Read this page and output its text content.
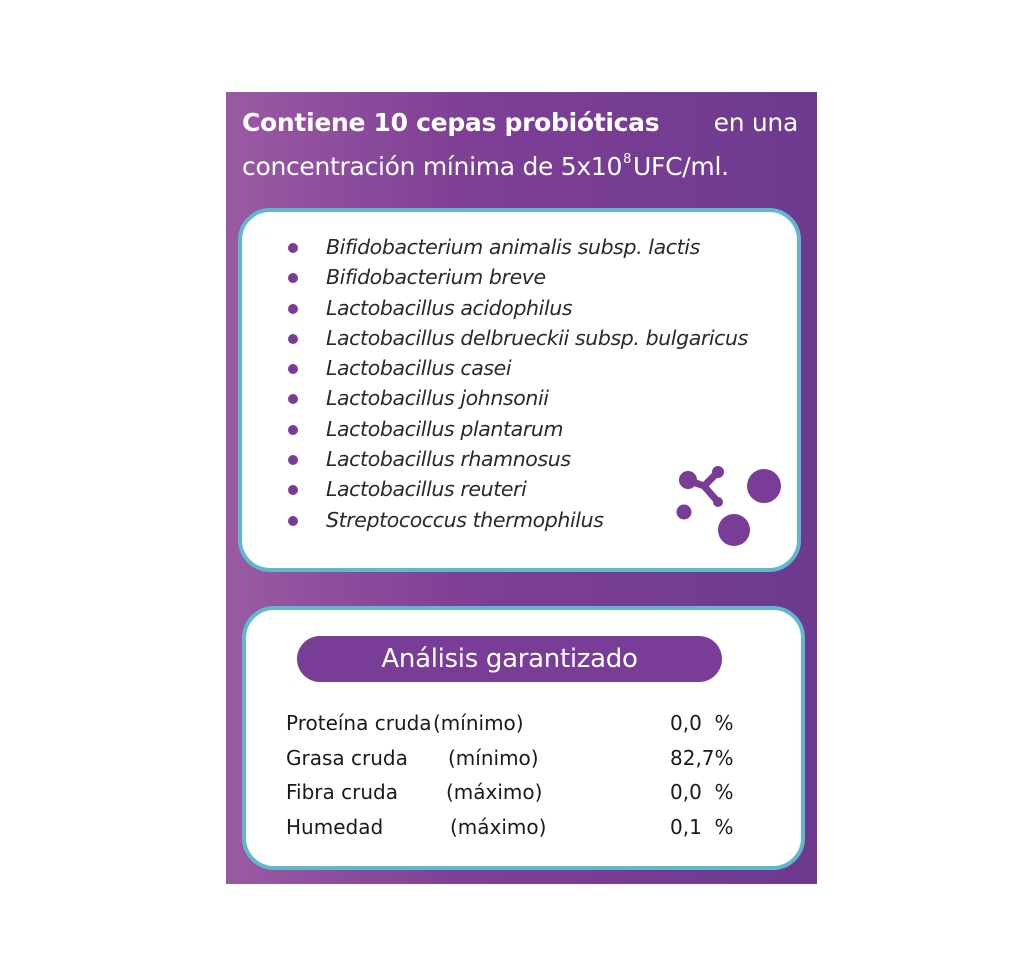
Contiene 10 cepas probióticas en una
concentración mínima de $5x10^8UFC/ml$.
Bifidobacterium animalis subsp. lactis
Bifidobacterium breve
Lactobacillus acidophilus
Lactobacillus delbrueckii subsp. bulgaricus
Lactobacillus casei
Lactobacillus johnsonii
Lactobacillus plantarum
Lactobacillus rhamnosus
Lactobacillus reuteri
Streptococcus thermophilus
Análisis garantizado
Proteína cruda (mínimo)	0,0  %
Grasa cruda (mínimo)	82,7%
Fibra cruda (máximo)	0,0  %
Humedad	(máximo)	0,1  %
